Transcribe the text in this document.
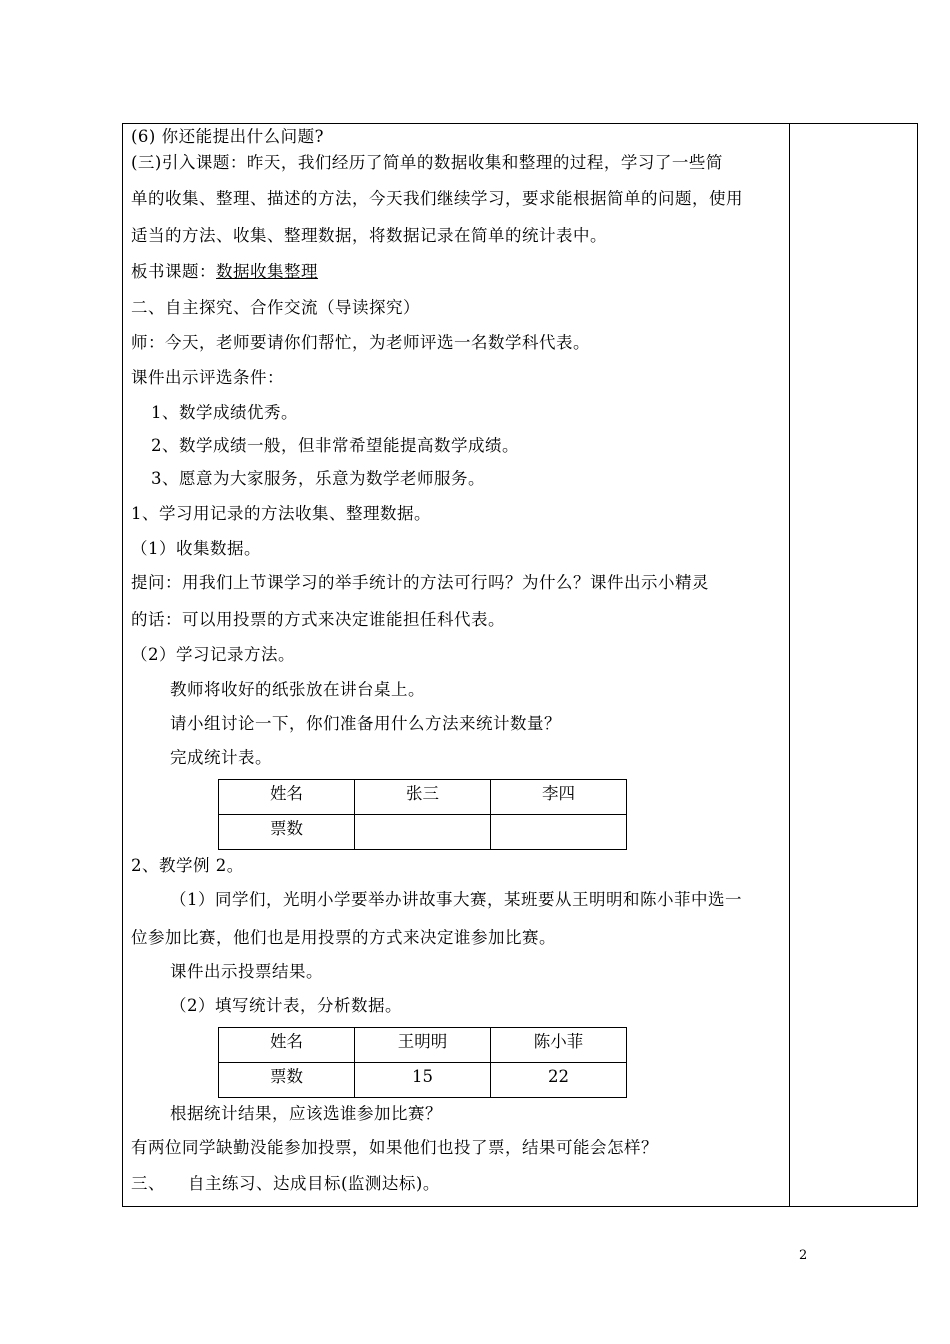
(6) 你还能提出什么问题?
(三)引入课题：昨天，我们经历了简单的数据收集和整理的过程，学习了一些简
单的收集、整理、描述的方法，今天我们继续学习，要求能根据简单的问题，使用
适当的方法、收集、整理数据，将数据记录在简单的统计表中。
板书课题：数据收集整理
二、自主探究、合作交流（导读探究）
师：今天，老师要请你们帮忙，为老师评选一名数学科代表。
课件出示评选条件：
1、数学成绩优秀。
2、数学成绩一般，但非常希望能提高数学成绩。
3、愿意为大家服务，乐意为数学老师服务。
1、学习用记录的方法收集、整理数据。
（1）收集数据。
提问：用我们上节课学习的举手统计的方法可行吗？为什么？课件出示小精灵
的话：可以用投票的方式来决定谁能担任科代表。
（2）学习记录方法。
教师将收好的纸张放在讲台桌上。
请小组讨论一下，你们准备用什么方法来统计数量？
完成统计表。
姓名	张三	李四
票数		
2、教学例 2。
（1）同学们，光明小学要举办讲故事大赛，某班要从王明明和陈小菲中选一
位参加比赛，他们也是用投票的方式来决定谁参加比赛。
课件出示投票结果。
（2）填写统计表，分析数据。
姓名	王明明	陈小菲
票数	15	22
根据统计结果，应该选谁参加比赛？
有两位同学缺勤没能参加投票，如果他们也投了票，结果可能会怎样？
三、    自主练习、达成目标(监测达标)。
2
